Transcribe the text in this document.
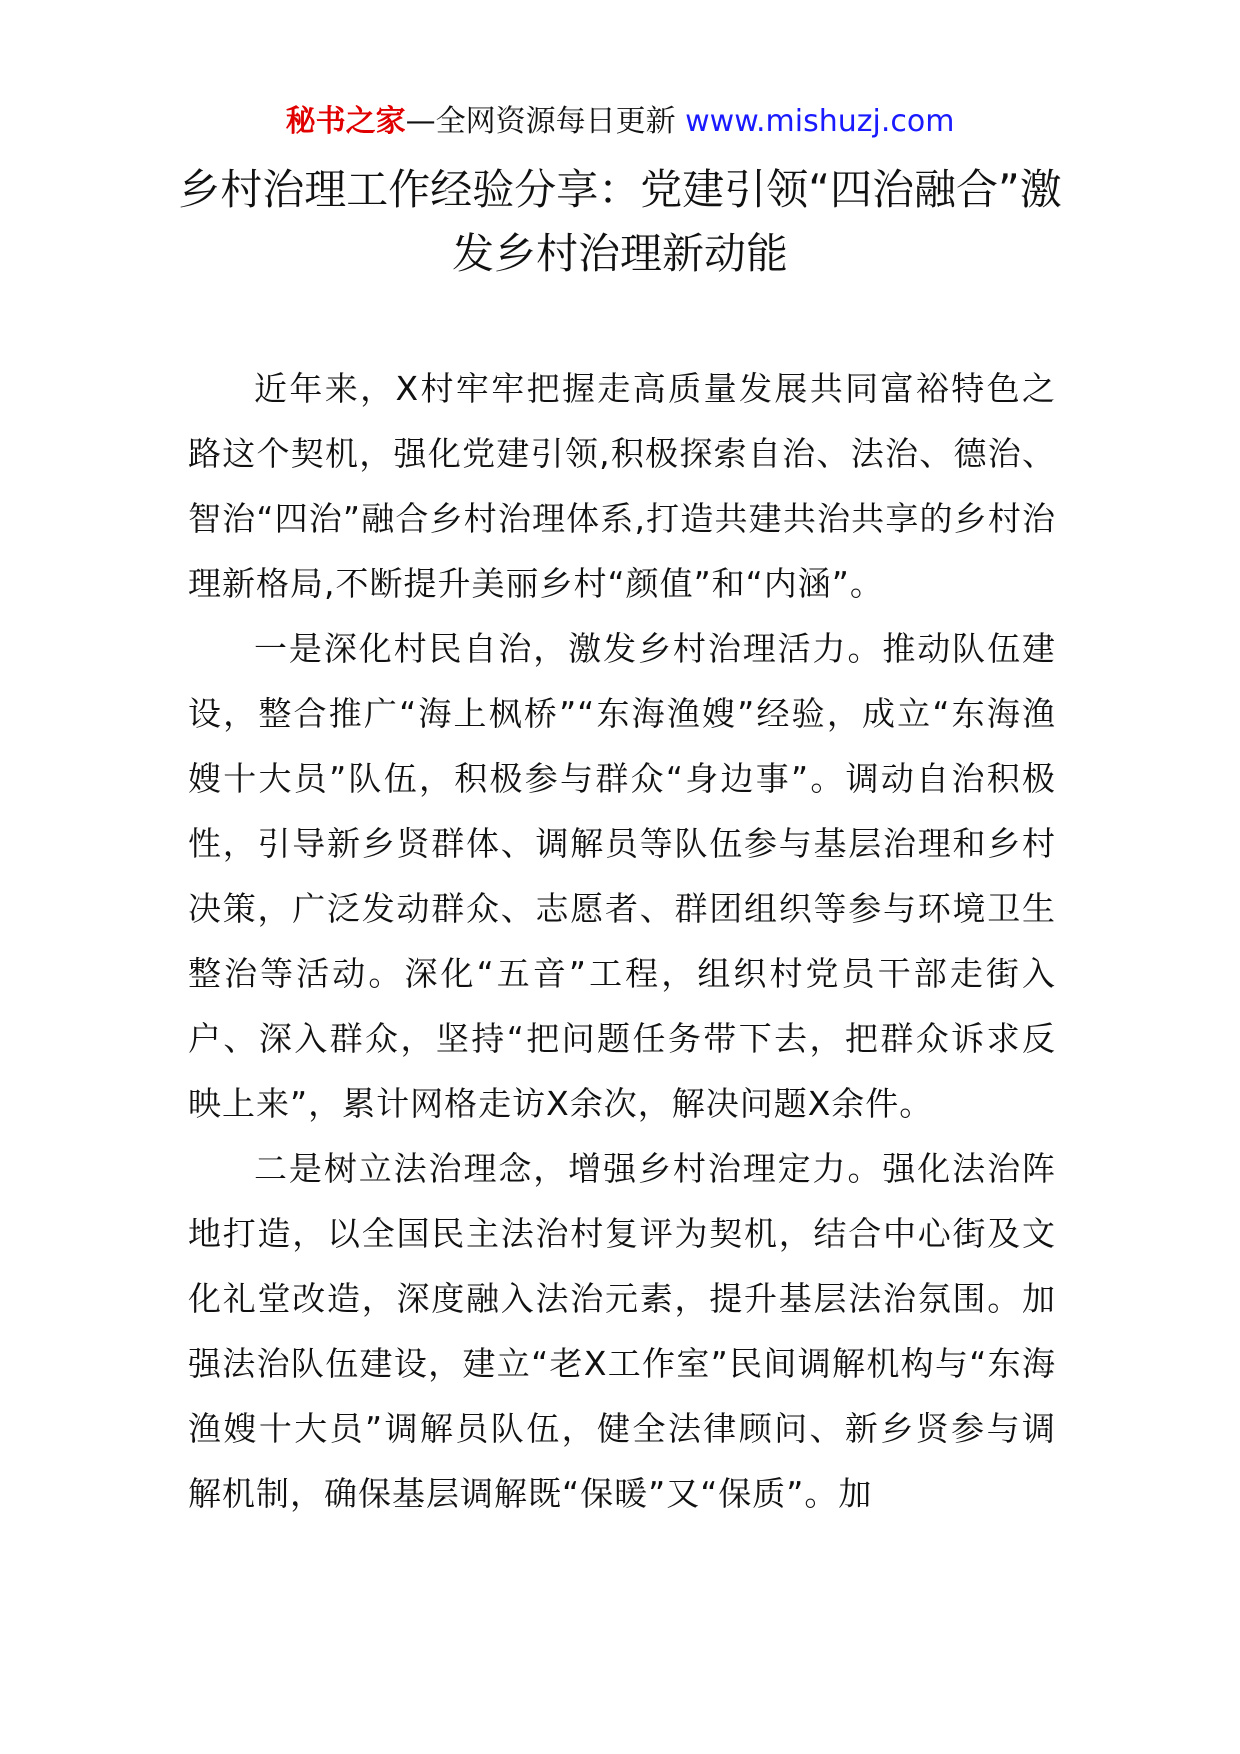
秘书之家—全网资源每日更新 www.mishuzj.com
乡村治理工作经验分享：党建引领“四治融合”激发乡村治理新动能

近年来，X村牢牢把握走高质量发展共同富裕特色之路这个契机，强化党建引领,积极探索自治、法治、德治、智治“四治”融合乡村治理体系,打造共建共治共享的乡村治理新格局,不断提升美丽乡村“颜值”和“内涵”。

一是深化村民自治，激发乡村治理活力。推动队伍建设，整合推广“海上枫桥”“东海渔嫂”经验，成立“东海渔嫂十大员”队伍，积极参与群众“身边事”。调动自治积极性，引导新乡贤群体、调解员等队伍参与基层治理和乡村决策，广泛发动群众、志愿者、群团组织等参与环境卫生整治等活动。深化“五音”工程，组织村党员干部走街入户、深入群众，坚持“把问题任务带下去，把群众诉求反映上来”，累计网格走访X余次，解决问题X余件。

二是树立法治理念，增强乡村治理定力。强化法治阵地打造，以全国民主法治村复评为契机，结合中心街及文化礼堂改造，深度融入法治元素，提升基层法治氛围。加强法治队伍建设，建立“老X工作室”民间调解机构与“东海渔嫂十大员”调解员队伍，健全法律顾问、新乡贤参与调解机制，确保基层调解既“保暖”又“保质”。加
